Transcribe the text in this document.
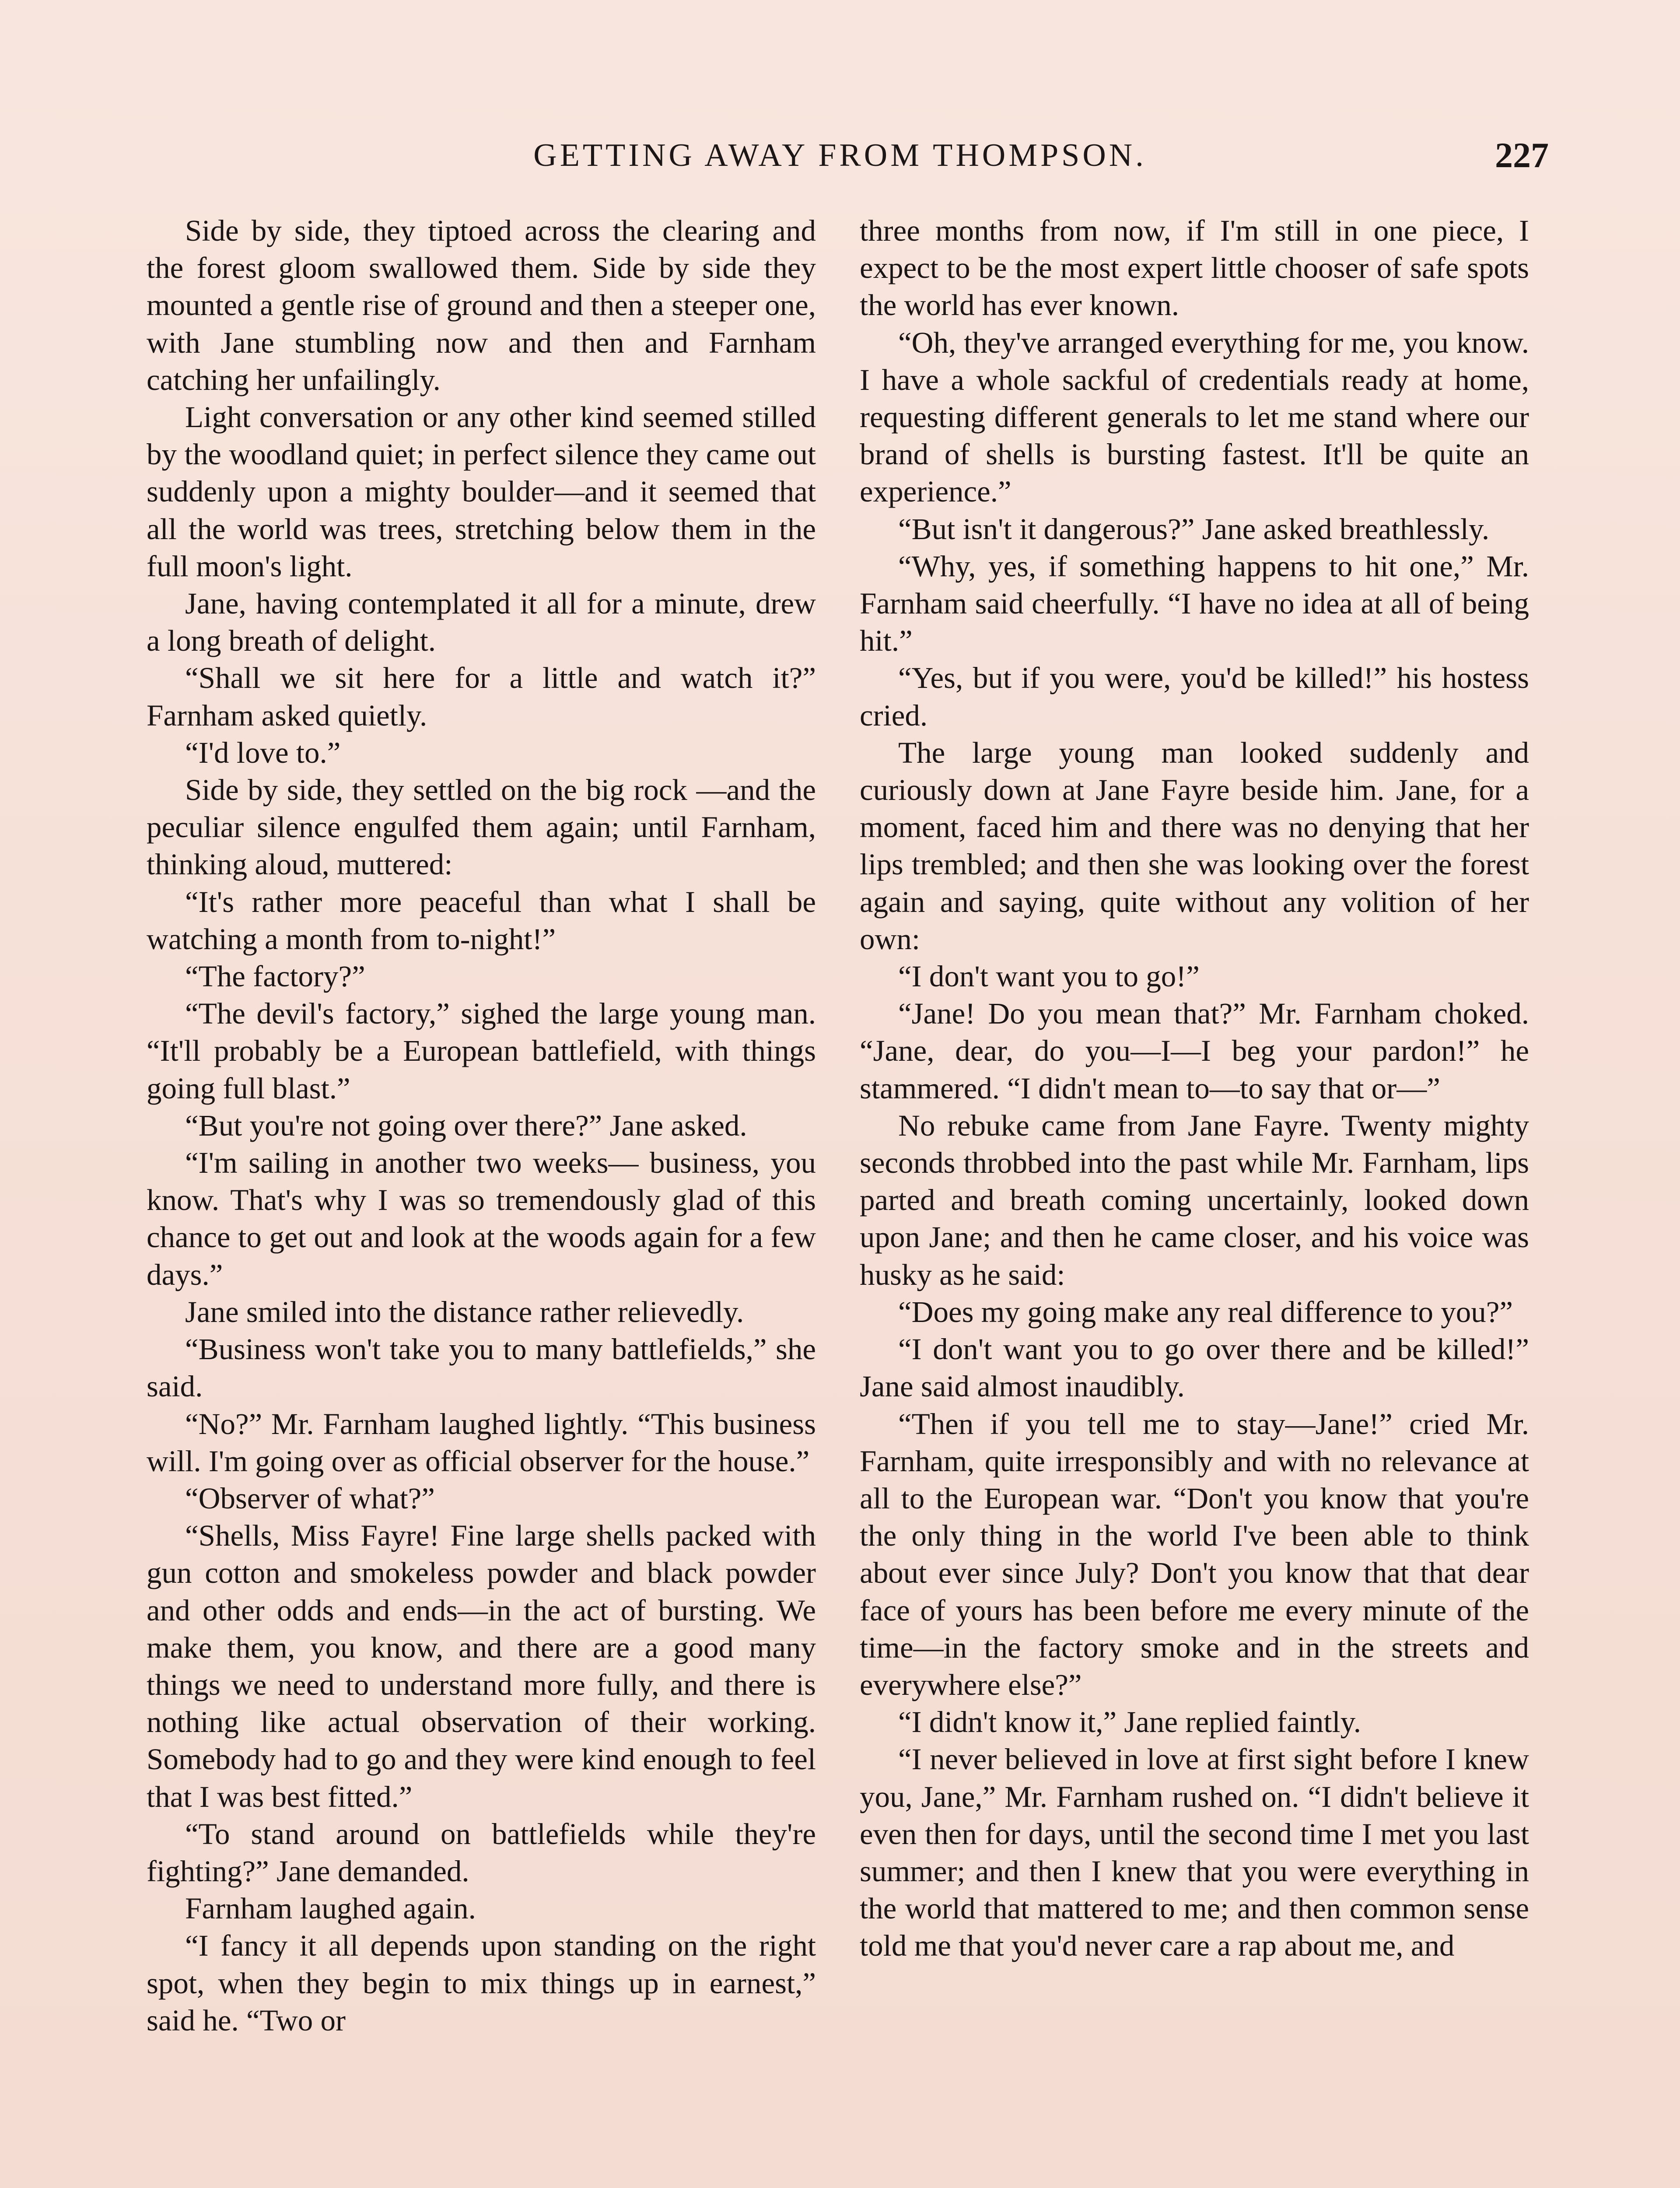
GETTING AWAY FROM THOMPSON.	227

Side by side, they tiptoed across the clearing and the forest gloom swallowed them. Side by side they mounted a gentle rise of ground and then a steeper one, with Jane stumbling now and then and Farnham catching her unfailingly.

Light conversation or any other kind seemed stilled by the woodland quiet; in perfect silence they came out suddenly upon a mighty boulder—and it seemed that all the world was trees, stretching below them in the full moon's light.

Jane, having contemplated it all for a minute, drew a long breath of delight.

“Shall we sit here for a little and watch it?” Farnham asked quietly.

“I'd love to.”

Side by side, they settled on the big rock —and the peculiar silence engulfed them again; until Farnham, thinking aloud, muttered:

“It's rather more peaceful than what I shall be watching a month from to-night!”

“The factory?”

“The devil's factory,” sighed the large young man. “It'll probably be a European battlefield, with things going full blast.”

“But you're not going over there?” Jane asked.

“I'm sailing in another two weeks— business, you know. That's why I was so tremendously glad of this chance to get out and look at the woods again for a few days.”

Jane smiled into the distance rather relievedly.

“Business won't take you to many battlefields,” she said.

“No?” Mr. Farnham laughed lightly. “This business will. I'm going over as official observer for the house.”

“Observer of what?”

“Shells, Miss Fayre! Fine large shells packed with gun cotton and smokeless powder and black powder and other odds and ends—in the act of bursting. We make them, you know, and there are a good many things we need to understand more fully, and there is nothing like actual observation of their working. Somebody had to go and they were kind enough to feel that I was best fitted.”

“To stand around on battlefields while they're fighting?” Jane demanded.

Farnham laughed again.

“I fancy it all depends upon standing on the right spot, when they begin to mix things up in earnest,” said he. “Two or

three months from now, if I'm still in one piece, I expect to be the most expert little chooser of safe spots the world has ever known.

“Oh, they've arranged everything for me, you know. I have a whole sackful of credentials ready at home, requesting different generals to let me stand where our brand of shells is bursting fastest. It'll be quite an experience.”

“But isn't it dangerous?” Jane asked breathlessly.

“Why, yes, if something happens to hit one,” Mr. Farnham said cheerfully. “I have no idea at all of being hit.”

“Yes, but if you were, you'd be killed!” his hostess cried.

The large young man looked suddenly and curiously down at Jane Fayre beside him. Jane, for a moment, faced him and there was no denying that her lips trembled; and then she was looking over the forest again and saying, quite without any volition of her own:

“I don't want you to go!”

“Jane! Do you mean that?” Mr. Farnham choked. “Jane, dear, do you—I—I beg your pardon!” he stammered. “I didn't mean to—to say that or—”

No rebuke came from Jane Fayre. Twenty mighty seconds throbbed into the past while Mr. Farnham, lips parted and breath coming uncertainly, looked down upon Jane; and then he came closer, and his voice was husky as he said:

“Does my going make any real difference to you?”

“I don't want you to go over there and be killed!” Jane said almost inaudibly.

“Then if you tell me to stay—Jane!” cried Mr. Farnham, quite irresponsibly and with no relevance at all to the European war. “Don't you know that you're the only thing in the world I've been able to think about ever since July? Don't you know that that dear face of yours has been before me every minute of the time—in the factory smoke and in the streets and everywhere else?”

“I didn't know it,” Jane replied faintly.

“I never believed in love at first sight before I knew you, Jane,” Mr. Farnham rushed on. “I didn't believe it even then for days, until the second time I met you last summer; and then I knew that you were everything in the world that mattered to me; and then common sense told me that you'd never care a rap about me, and
